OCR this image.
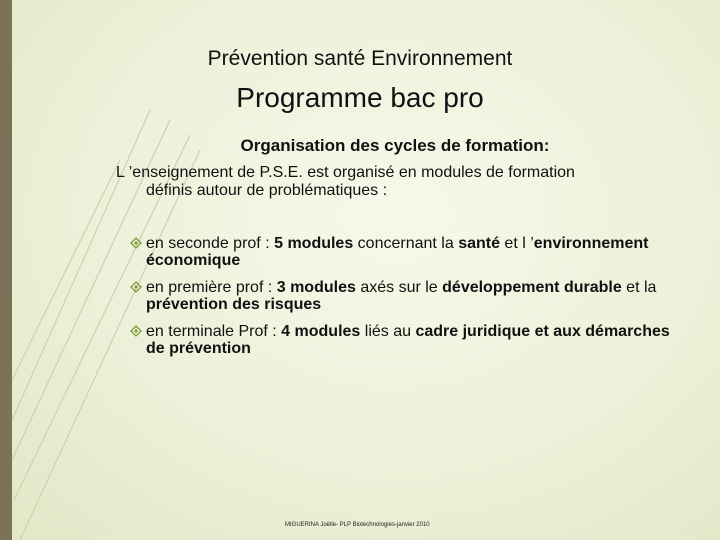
Prévention santé Environnement
Programme bac pro
Organisation des cycles de formation:
L ’enseignement de P.S.E. est organisé en modules de formation
définis autour de problématiques :
en seconde prof : 5 modules concernant la santé et l ’environnement économique
en première prof : 3 modules axés sur le développement durable et la prévention des risques
en terminale Prof : 4 modules liés au cadre juridique et aux démarches de prévention
MIGUERINA Joëlle- PLP Biotechnologies-janvier 2010
